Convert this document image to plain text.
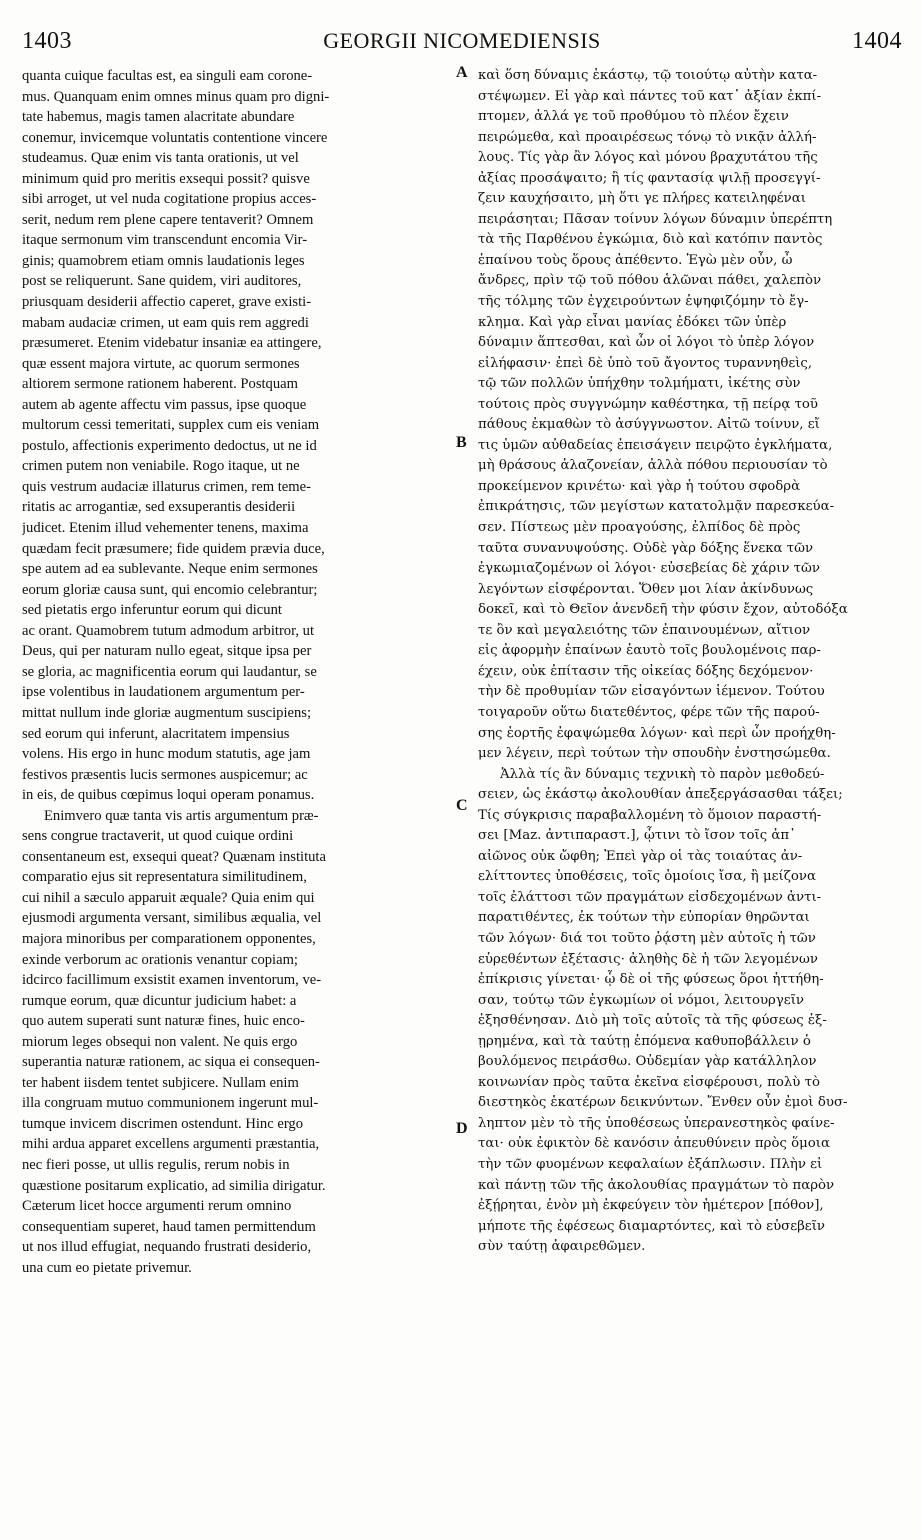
1403	GEORGII NICOMEDIENSIS	1404
quanta cuique facultas est, ea singuli eam corone-
mus. Quanquam enim omnes minus quam pro digni-
tate habemus, magis tamen alacritate abundare
conemur, invicemque voluntatis contentione vincere
studeamus. Quæ enim vis tanta orationis, ut vel
minimum quid pro meritis exsequi possit? quisve
sibi arroget, ut vel nuda cogitatione propius acces-
serit, nedum rem plene capere tentaverit? Omnem
itaque sermonum vim transcendunt encomia Vir-
ginis; quamobrem etiam omnis laudationis leges
post se reliquerunt. Sane quidem, viri auditores,
priusquam desiderii affectio caperet, grave existi-
mabam audaciæ crimen, ut eam quis rem aggredi
præsumeret. Etenim videbatur insaniæ ea attingere,
quæ essent majora virtute, ac quorum sermones
altiorem sermone rationem haberent. Postquam
autem ab agente affectu vim passus, ipse quoque
multorum cessi temeritati, supplex cum eis veniam
postulo, affectionis experimento dedoctus, ut ne id
crimen putem non veniabile. Rogo itaque, ut ne
quis vestrum audaciæ illaturus crimen, rem teme-
ritatis ac arrogantiæ, sed exsuperantis desiderii
judicet. Etenim illud vehementer tenens, maxima
quædam fecit præsumere; fide quidem prævia duce,
spe autem ad ea sublevante. Neque enim sermones
eorum gloriæ causa sunt, qui encomio celebrantur;
sed pietatis ergo inferuntur eorum qui dicunt
ac orant. Quamobrem tutum admodum arbitror, ut
Deus, qui per naturam nullo egeat, sitque ipsa per
se gloria, ac magnificentia eorum qui laudantur, se
ipse volentibus in laudationem argumentum per-
mittat nullum inde gloriæ augmentum suscipiens;
sed eorum qui inferunt, alacritatem impensius
volens. His ergo in hunc modum statutis, age jam
festivos præsentis lucis sermones auspicemur; ac
in eis, de quibus cœpimus loqui operam ponamus.
Enimvero quæ tanta vis artis argumentum præ-
sens congrue tractaverit, ut quod cuique ordini
consentaneum est, exsequi queat? Quænam instituta
comparatio ejus sit representatura similitudinem,
cui nihil a sæculo apparuit æquale? Quia enim qui
ejusmodi argumenta versant, similibus æqualia, vel
majora minoribus per comparationem opponentes,
exinde verborum ac orationis venantur copiam;
idcirco facillimum exsistit examen inventorum, ve-
rumque eorum, quæ dicuntur judicium habet: a
quo autem superati sunt naturæ fines, huic enco-
miorum leges obsequi non valent. Ne quis ergo
superantia naturæ rationem, ac siqua ei consequen-
ter habent iisdem tentet subjicere. Nullam enim
illa congruam mutuo communionem ingerunt mul-
tumque invicem discrimen ostendunt. Hinc ergo
mihi ardua apparet excellens argumenti præstantia,
nec fieri posse, ut ullis regulis, rerum nobis in
quæstione positarum explicatio, ad similia dirigatur.
Cæterum licet hocce argumenti rerum omnino
consequentiam superet, haud tamen permittendum
ut nos illud effugiat, nequando frustrati desiderio,
una cum eo pietate privemur.
καὶ ὅση δύναμις ἑκάστῳ, τῷ τοιούτῳ αὐτὴν κατα-
στέψωμεν. Εἰ γὰρ καὶ πάντες τοῦ κατ᾽ ἀξίαν ἐκπί-
πτομεν, ἀλλά γε τοῦ προθύμου τὸ πλέον ἔχειν
πειρώμεθα, καὶ προαιρέσεως τόνῳ τὸ νικᾷν ἀλλή-
λους. Τίς γὰρ ἂν λόγος καὶ μόνου βραχυτάτου τῆς
ἀξίας προσάψαιτο; ἢ τίς φαντασίᾳ ψιλῇ προσεγγί-
ζειν καυχήσαιτο, μὴ ὅτι γε πλήρες κατειληφέναι
πειράσηται; Πᾶσαν τοίνυν λόγων δύναμιν ὑπερέπτη
τὰ τῆς Παρθένου ἐγκώμια, διὸ καὶ κατόπιν παντὸς
ἐπαίνου τοὺς ὅρους ἀπέθεντο. Ἐγὼ μὲν οὖν, ὦ
ἄνδρες, πρὶν τῷ τοῦ πόθου ἁλῶναι πάθει, χαλεπὸν
τῆς τόλμης τῶν ἐγχειρούντων ἐψηφιζόμην τὸ ἔγ-
κλημα. Καὶ γὰρ εἶναι μανίας ἐδόκει τῶν ὑπὲρ
δύναμιν ἅπτεσθαι, καὶ ὧν οἱ λόγοι τὸ ὑπὲρ λόγον
εἰλήφασιν· ἐπεὶ δὲ ὑπὸ τοῦ ἄγοντος τυραννηθεὶς,
τῷ τῶν πολλῶν ὑπήχθην τολμήματι, ἱκέτης σὺν
τούτοις πρὸς συγγνώμην καθέστηκα, τῇ πείρᾳ τοῦ
πάθους ἐκμαθὼν τὸ ἀσύγγνωστον. Αἰτῶ τοίνυν, εἴ
τις ὑμῶν αὐθαδείας ἐπεισάγειν πειρῷτο ἐγκλήματα,
μὴ θράσους ἀλαζονείαν, ἀλλὰ πόθου περιουσίαν τὸ
προκείμενον κρινέτω· καὶ γὰρ ἡ τούτου σφοδρὰ
ἐπικράτησις, τῶν μεγίστων κατατολμᾷν παρεσκεύα-
σεν. Πίστεως μὲν προαγούσης, ἐλπίδος δὲ πρὸς
ταῦτα συνανυψούσης. Οὐδὲ γὰρ δόξης ἕνεκα τῶν
ἐγκωμιαζομένων οἱ λόγοι· εὐσεβείας δὲ χάριν τῶν
λεγόντων εἰσφέρονται. Ὅθεν μοι λίαν ἀκίνδυνως
δοκεῖ, καὶ τὸ Θεῖον ἀνενδεῆ τὴν φύσιν ἔχον, αὐτοδόξα
τε ὂν καὶ μεγαλειότης τῶν ἐπαινουμένων, αἴτιον
εἰς ἀφορμὴν ἐπαίνων ἑαυτὸ τοῖς βουλομένοις παρ-
έχειν, οὐκ ἐπίτασιν τῆς οἰκείας δόξης δεχόμενον·
τὴν δὲ προθυμίαν τῶν εἰσαγόντων ἱέμενον. Τούτου
τοιγαροῦν οὕτω διατεθέντος, φέρε τῶν τῆς παρού-
σης ἑορτῆς ἐφαψώμεθα λόγων· καὶ περὶ ὧν προήχθη-
μεν λέγειν, περὶ τούτων τὴν σπουδὴν ἐνστησώμεθα.
Ἀλλὰ τίς ἂν δύναμις τεχνικὴ τὸ παρὸν μεθοδεύ-
σειεν, ὡς ἑκάστῳ ἀκολουθίαν ἀπεξεργάσασθαι τάξει;
Τίς σύγκρισις παραβαλλομένη τὸ ὅμοιον παραστή-
σει [Maz. ἀντιπαραστ.], ᾧτινι τὸ ἴσον τοῖς ἀπ᾽
αἰῶνος οὐκ ὤφθη; Ἐπεὶ γὰρ οἱ τὰς τοιαύτας ἀν-
ελίττοντες ὑποθέσεις, τοῖς ὁμοίοις ἴσα, ἢ μείζονα
τοῖς ἐλάττοσι τῶν πραγμάτων εἰσδεχομένων ἀντι-
παρατιθέντες, ἐκ τούτων τὴν εὐπορίαν θηρῶνται
τῶν λόγων· διά τοι τοῦτο ῥᾴστη μὲν αὐτοῖς ἡ τῶν
εὑρεθέντων ἐξέτασις· ἀληθὴς δὲ ἡ τῶν λεγομένων
ἐπίκρισις γίνεται· ᾧ δὲ οἱ τῆς φύσεως ὅροι ἡττήθη-
σαν, τούτῳ τῶν ἐγκωμίων οἱ νόμοι, λειτουργεῖν
ἐξησθένησαν. Διὸ μὴ τοῖς αὐτοῖς τὰ τῆς φύσεως ἐξ-
ῃρημένα, καὶ τὰ ταύτῃ ἑπόμενα καθυποβάλλειν ὁ
βουλόμενος πειράσθω. Οὐδεμίαν γὰρ κατάλληλον
κοινωνίαν πρὸς ταῦτα ἐκεῖνα εἰσφέρουσι, πολὺ τὸ
διεστηκὸς ἑκατέρων δεικνύντων. Ἔνθεν οὖν ἐμοὶ δυσ-
ληπτον μὲν τὸ τῆς ὑποθέσεως ὑπερανεστηκὸς φαίνε-
ται· οὐκ ἐφικτὸν δὲ κανόσιν ἀπευθύνειν πρὸς ὅμοια
τὴν τῶν φυομένων κεφαλαίων ἐξάπλωσιν. Πλὴν εἰ
καὶ πάντῃ τῶν τῆς ἀκολουθίας πραγμάτων τὸ παρὸν
ἐξῄρηται, ἐνὸν μὴ ἐκφεύγειν τὸν ἡμέτερον [πόθον],
μήποτε τῆς ἐφέσεως διαμαρτόντες, καὶ τὸ εὐσεβεῖν
σὺν ταύτῃ ἀφαιρεθῶμεν.
A
B
C
D
